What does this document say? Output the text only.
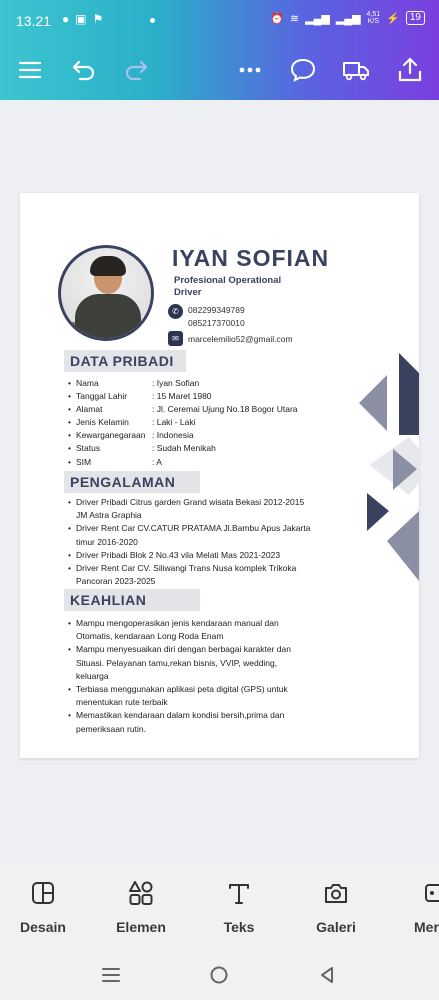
13.21 ● ▣ ⚑	⏰ ≋ ▂▄▆ ▂▄▆ 4,51
K/S ⚡	19
IYAN SOFIAN
Profesional Operational
Driver
✆	082299349789
085217370010
✉	marcelemilio52@gmail.com
DATA PRIBADI
• Nama	: Iyan Sofian
• Tanggal Lahir	: 15 Maret 1980
• Alamat	: Jl. Ceremai Ujung No.18 Bogor Utara
• Jenis Kelamin	: Laki - Laki
• Kewarganegaraan : Indonesia
• Status	: Sudah Menikah
• SIM	: A
PENGALAMAN
• Driver Pribadi Citrus garden Grand wisata Bekasi 2012-2015
JM Astra Graphia
• Driver Rent Car CV.CATUR PRATAMA Jl.Bambu Apus Jakarta
timur 2016-2020
• Driver Pribadi Blok 2 No.43 vila Melati Mas 2021-2023
• Driver Rent Car CV. Siliwangi Trans Nusa komplek Trikoka
Pancoran 2023-2025
KEAHLIAN
• Mampu mengoperasikan jenis kendaraan manual dan
Otomatis, kendaraan Long Roda Enam
• Mampu menyesuaikan diri dengan berbagai karakter dan
Situasi. Pelayanan tamu,rekan bisnis, VVIP, wedding,
keluarga
• Terbiasa menggunakan aplikasi peta digital (GPS) untuk
menentukan rute terbaik
• Memastikan kendaraan dalam kondisi bersih,prima dan
pemeriksaan rutin.
Desain	Elemen	Teks	Galeri	Mer
